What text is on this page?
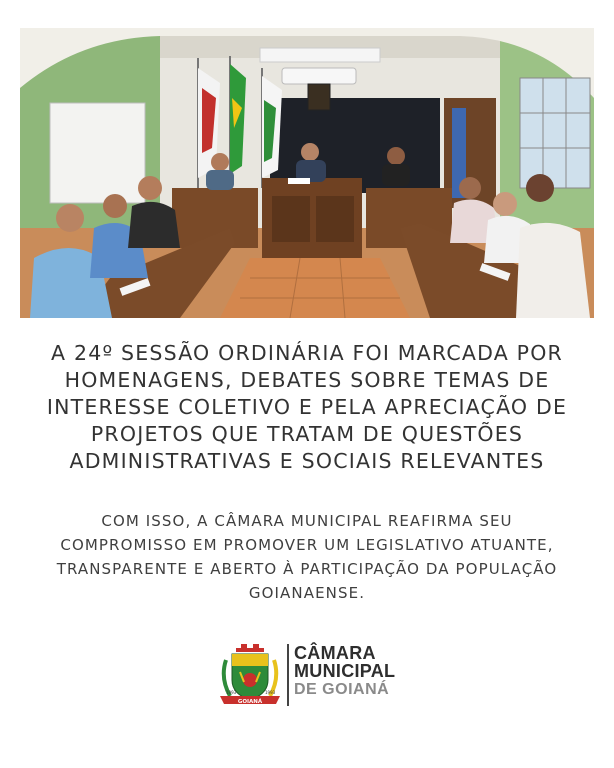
A 24º SESSÃO ORDINÁRIA FOI MARCADA POR
HOMENAGENS, DEBATES SOBRE TEMAS DE
INTERESSE COLETIVO E PELA APRECIAÇÃO DE
PROJETOS QUE TRATAM DE QUESTÕES
ADMINISTRATIVAS E SOCIAIS RELEVANTES
COM ISSO, A CÂMARA MUNICIPAL REAFIRMA SEU
COMPROMISSO EM PROMOVER UM LEGISLATIVO ATUANTE,
TRANSPARENTE E ABERTO À PARTICIPAÇÃO DA POPULAÇÃO
GOIANAENSE.
GOIANÁ
1993	1993
CÂMARA
MUNICIPAL
DE GOIANÁ
